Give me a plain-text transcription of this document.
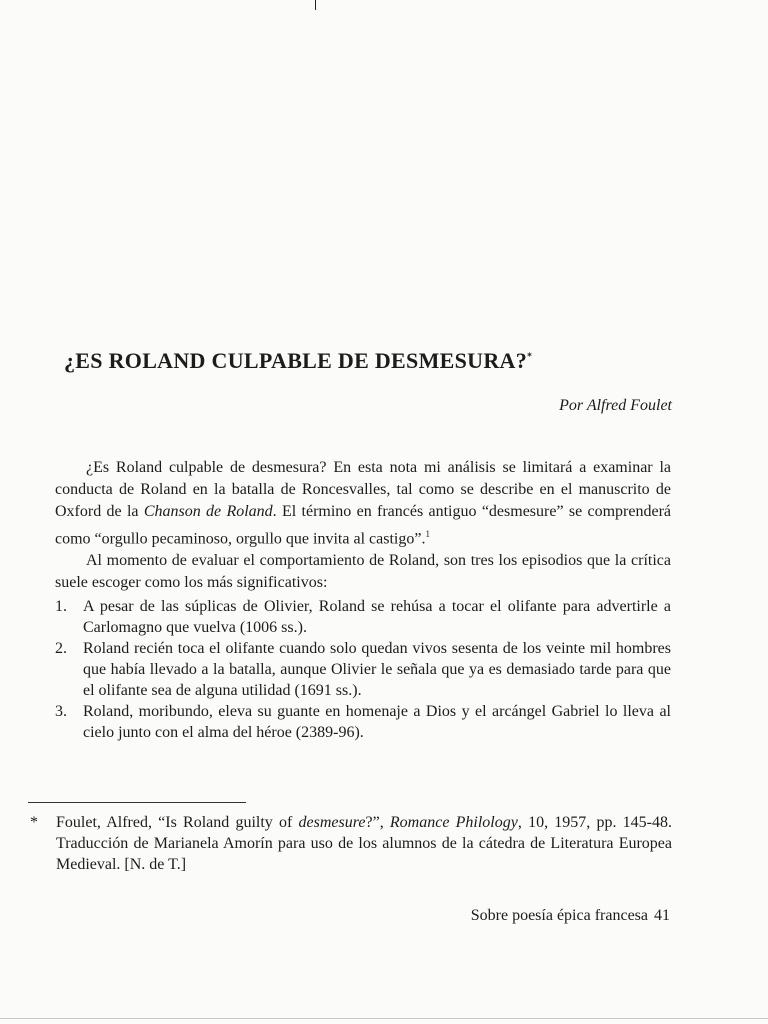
¿ES ROLAND CULPABLE DE DESMESURA?*
Por Alfred Foulet

¿Es Roland culpable de desmesura? En esta nota mi análisis se limitará a examinar la conducta de Roland en la batalla de Roncesvalles, tal como se describe en el manuscrito de Oxford de la Chanson de Roland. El término en francés antiguo “desmesure” se comprenderá como “orgullo pecaminoso, orgullo que invita al castigo”.$^1$

Al momento de evaluar el comportamiento de Roland, son tres los episodios que la crítica suele escoger como los más significativos:

1. A pesar de las súplicas de Olivier, Roland se rehúsa a tocar el olifante para advertirle a Carlomagno que vuelva (1006 ss.).
2. Roland recién toca el olifante cuando solo quedan vivos sesenta de los veinte mil hombres que había llevado a la batalla, aunque Olivier le señala que ya es demasiado tarde para que el olifante sea de alguna utilidad (1691 ss.).
3. Roland, moribundo, eleva su guante en homenaje a Dios y el arcángel Gabriel lo lleva al cielo junto con el alma del héroe (2389-96).
* Foulet, Alfred, “Is Roland guilty of desmesure?”, Romance Philology, 10, 1957, pp. 145-48. Traducción de Marianela Amorín para uso de los alumnos de la cátedra de Literatura Europea Medieval. [N. de T.]
Sobre poesía épica francesa 41
